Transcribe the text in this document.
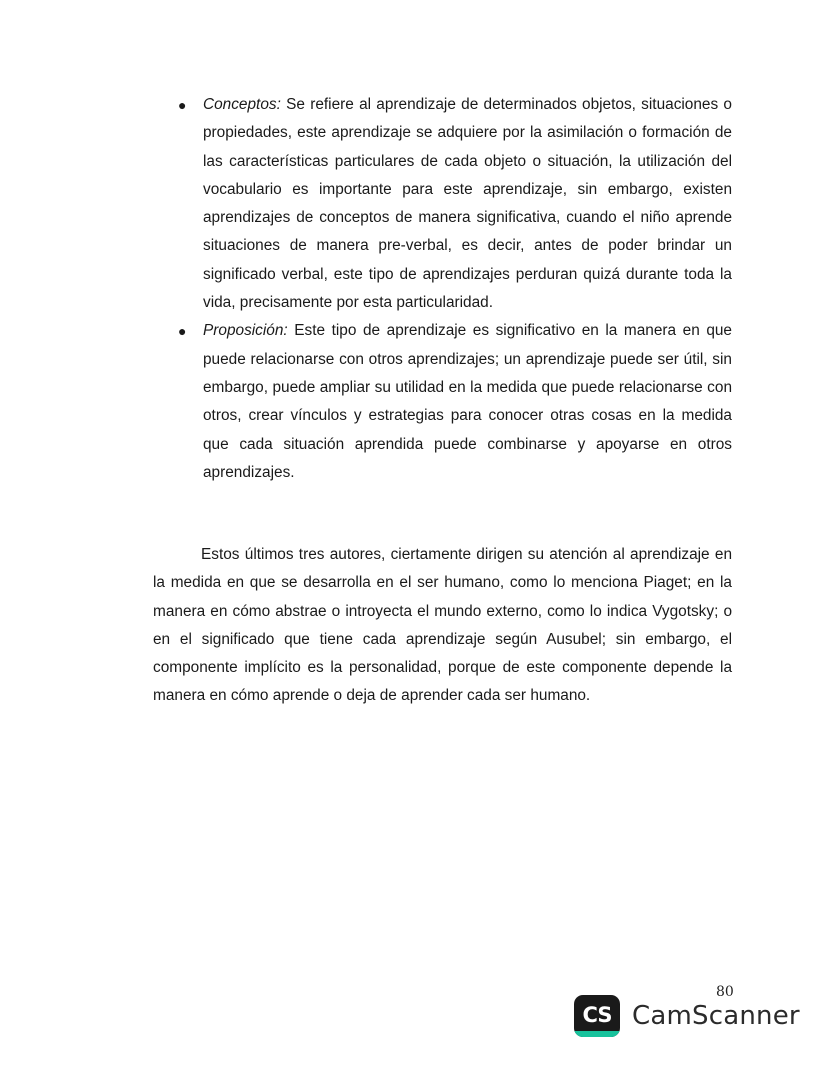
● Conceptos: Se refiere al aprendizaje de determinados objetos, situaciones o propiedades, este aprendizaje se adquiere por la asimilación o formación de las características particulares de cada objeto o situación, la utilización del vocabulario es importante para este aprendizaje, sin embargo, existen aprendizajes de conceptos de manera significativa, cuando el niño aprende situaciones de manera pre-verbal, es decir, antes de poder brindar un significado verbal, este tipo de aprendizajes perduran quizá durante toda la vida, precisamente por esta particularidad.
● Proposición: Este tipo de aprendizaje es significativo en la manera en que puede relacionarse con otros aprendizajes; un aprendizaje puede ser útil, sin embargo, puede ampliar su utilidad en la medida que puede relacionarse con otros, crear vínculos y estrategias para conocer otras cosas en la medida que cada situación aprendida puede combinarse y apoyarse en otros aprendizajes.

Estos últimos tres autores, ciertamente dirigen su atención al aprendizaje en la medida en que se desarrolla en el ser humano, como lo menciona Piaget; en la manera en cómo abstrae o introyecta el mundo externo, como lo indica Vygotsky; o en el significado que tiene cada aprendizaje según Ausubel; sin embargo, el componente implícito es la personalidad, porque de este componente depende la manera en cómo aprende o deja de aprender cada ser humano.

80
CS CamScanner
